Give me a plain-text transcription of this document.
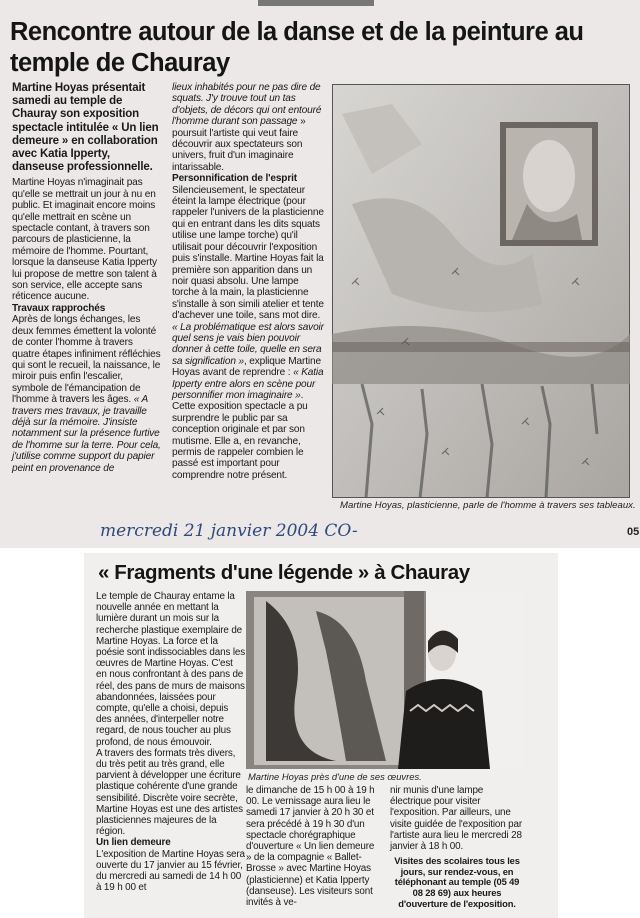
Rencontre autour de la danse et de la peinture au temple de Chauray

Martine Hoyas présentait samedi au temple de Chauray son exposition spectacle intitulée « Un lien demeure » en collaboration avec Katia Ipperty, danseuse professionnelle.

Martine Hoyas n'imaginait pas qu'elle se mettrait un jour à nu en public. Et imaginait encore moins qu'elle mettrait en scène un spectacle contant, à travers son parcours de plasticienne, la mémoire de l'homme. Pourtant, lorsque la danseuse Katia Ipperty lui propose de mettre son talent à son service, elle accepte sans réticence aucune.

Travaux rapprochés

Après de longs échanges, les deux femmes émettent la volonté de conter l'homme à travers quatre étapes infiniment réfléchies qui sont le recueil, la naissance, le miroir puis enfin l'escalier, symbole de l'émancipation de l'homme à travers les âges. « A travers mes travaux, je travaille déjà sur la mémoire. J'insiste notamment sur la présence furtive de l'homme sur la terre. Pour cela, j'utilise comme support du papier peint en provenance de

lieux inhabités pour ne pas dire de squats. J'y trouve tout un tas d'objets, de décors qui ont entouré l'homme durant son passage » poursuit l'artiste qui veut faire découvrir aux spectateurs son univers, fruit d'un imaginaire intarissable.

Personnification de l'esprit

Silencieusement, le spectateur éteint la lampe électrique (pour rappeler l'univers de la plasticienne qui en entrant dans les dits squats utilise une lampe torche) qu'il utilisait pour découvrir l'exposition puis s'installe. Martine Hoyas fait la première son apparition dans un noir quasi absolu. Une lampe torche à la main, la plasticienne s'installe à son simili atelier et tente d'achever une toile, sans mot dire. « La problématique est alors savoir quel sens je vais bien pouvoir donner à cette toile, quelle en sera sa signification », explique Martine Hoyas avant de reprendre : « Katia Ipperty entre alors en scène pour personnifier mon imaginaire ». Cette exposition spectacle a pu surprendre le public par sa conception originale et par son mutisme. Elle a, en revanche, permis de rappeler combien le passé est important pour comprendre notre présent.

Martine Hoyas, plasticienne, parle de l'homme à travers ses tableaux.
mercredi 21 janvier 2004 CO-	05
« Fragments d'une légende » à Chauray

Le temple de Chauray entame la nouvelle année en mettant la lumière durant un mois sur la recherche plastique exemplaire de Martine Hoyas. La force et la poésie sont indissociables dans les œuvres de Martine Hoyas. C'est en nous confrontant à des pans de réel, des pans de murs de maisons abandonnées, laissées pour compte, qu'elle a choisi, depuis des années, d'interpeller notre regard, de nous toucher au plus profond, de nous émouvoir.

A travers des formats très divers, du très petit au très grand, elle parvient à développer une écriture plastique cohérente d'une grande sensibilité. Discrète voire secrète, Martine Hoyas est une des artistes plasticiennes majeures de la région.

Un lien demeure

L'exposition de Martine Hoyas sera ouverte du 17 janvier au 15 février, du mercredi au samedi de 14 h 00 à 19 h 00 et

Martine Hoyas près d'une de ses œuvres.

le dimanche de 15 h 00 à 19 h 00. Le vernissage aura lieu le samedi 17 janvier à 20 h 30 et sera précédé à 19 h 30 d'un spectacle chorégraphique d'ouverture « Un lien demeure » de la compagnie « Ballet-Brosse » avec Martine Hoyas (plasticienne) et Katia Ipperty (danseuse). Les visiteurs sont invités à ve-

nir munis d'une lampe électrique pour visiter l'exposition. Par ailleurs, une visite guidée de l'exposition par l'artiste aura lieu le mercredi 28 janvier à 18 h 00.

Visites des scolaires tous les jours, sur rendez-vous, en téléphonant au temple (05 49 08 28 69) aux heures d'ouverture de l'exposition.
